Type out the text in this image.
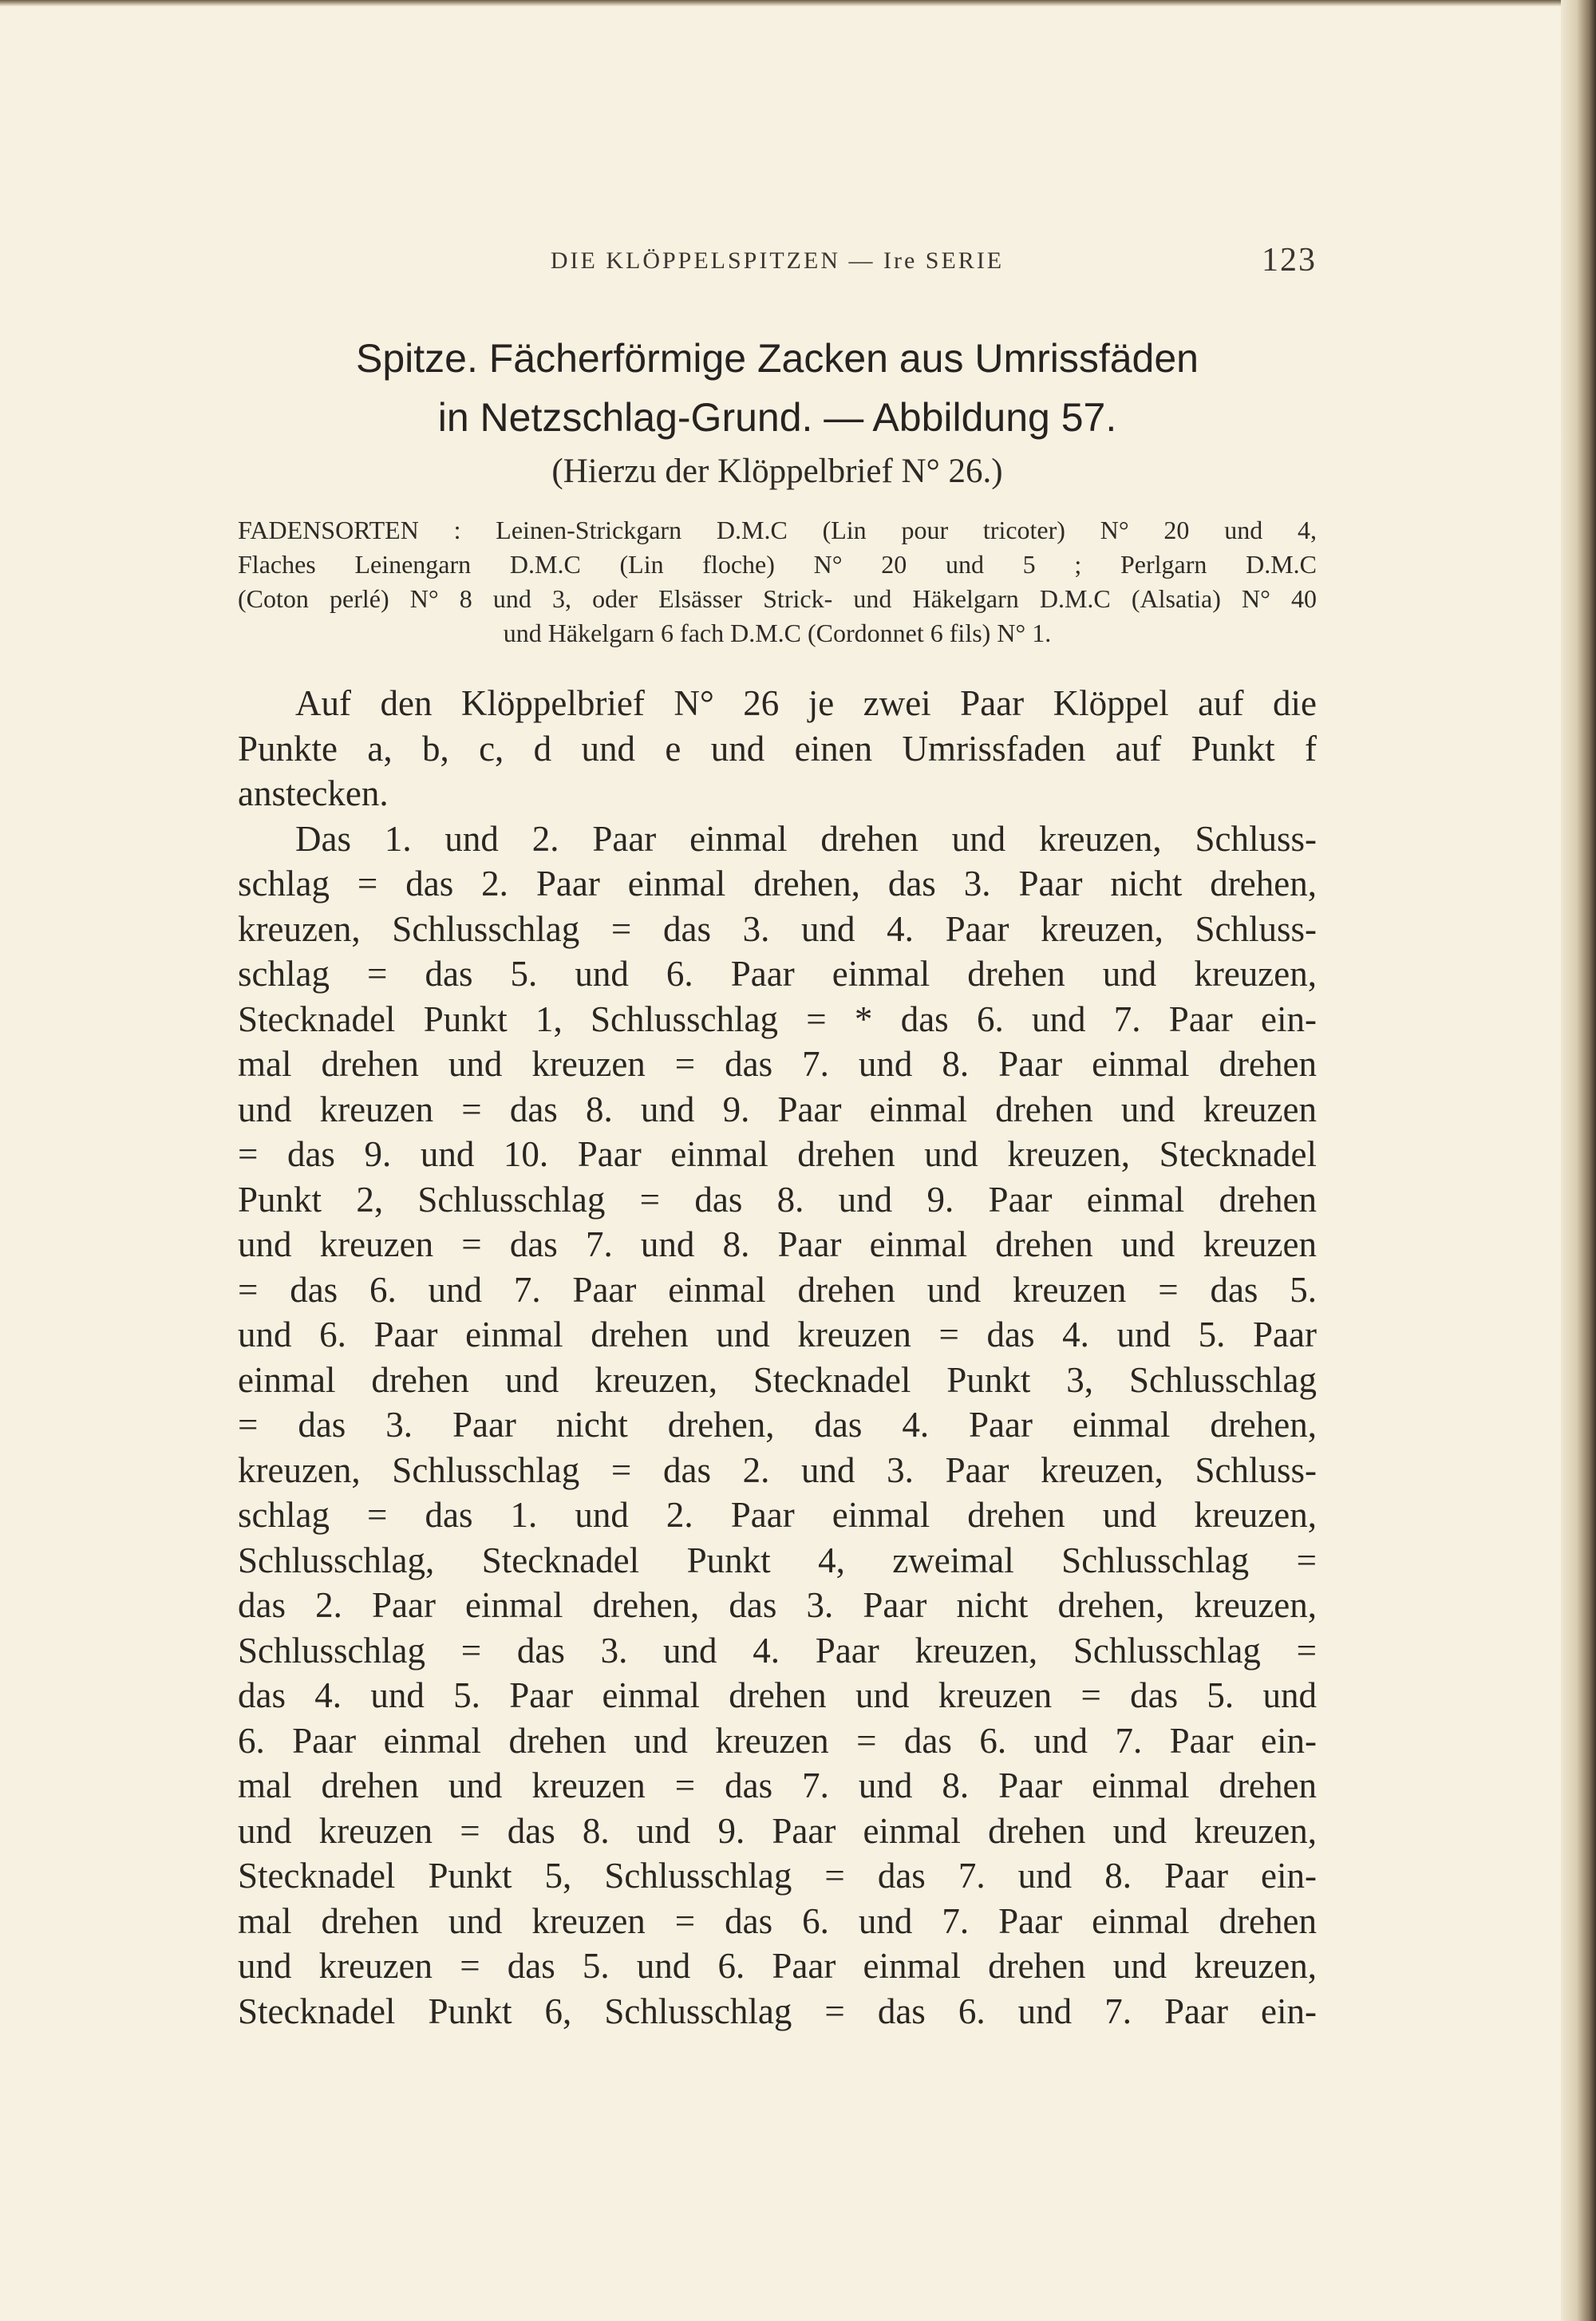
DIE KLÖPPELSPITZEN — Ire SERIE	123
Spitze. Fächerförmige Zacken aus Umrissfäden
in Netzschlag-Grund. — Abbildung 57.
(Hierzu der Klöppelbrief N° 26.)
FADENSORTEN : Leinen-Strickgarn D.M.C (Lin pour tricoter) N° 20 und 4,
Flaches Leinengarn D.M.C (Lin floche) N° 20 und 5 ; Perlgarn D.M.C
(Coton perlé) N° 8 und 3, oder Elsässer Strick- und Häkelgarn D.M.C (Alsatia) N° 40
und Häkelgarn 6 fach D.M.C (Cordonnet 6 fils) N° 1.
Auf den Klöppelbrief N° 26 je zwei Paar Klöppel auf die
Punkte a, b, c, d und e und einen Umrissfaden auf Punkt f
anstecken.
Das 1. und 2. Paar einmal drehen und kreuzen, Schluss-
schlag = das 2. Paar einmal drehen, das 3. Paar nicht drehen,
kreuzen, Schlusschlag = das 3. und 4. Paar kreuzen, Schluss-
schlag = das 5. und 6. Paar einmal drehen und kreuzen,
Stecknadel Punkt 1, Schlusschlag = * das 6. und 7. Paar ein-
mal drehen und kreuzen = das 7. und 8. Paar einmal drehen
und kreuzen = das 8. und 9. Paar einmal drehen und kreuzen
= das 9. und 10. Paar einmal drehen und kreuzen, Stecknadel
Punkt 2, Schlusschlag = das 8. und 9. Paar einmal drehen
und kreuzen = das 7. und 8. Paar einmal drehen und kreuzen
= das 6. und 7. Paar einmal drehen und kreuzen = das 5.
und 6. Paar einmal drehen und kreuzen = das 4. und 5. Paar
einmal drehen und kreuzen, Stecknadel Punkt 3, Schlusschlag
= das 3. Paar nicht drehen, das 4. Paar einmal drehen,
kreuzen, Schlusschlag = das 2. und 3. Paar kreuzen, Schluss-
schlag = das 1. und 2. Paar einmal drehen und kreuzen,
Schlusschlag, Stecknadel Punkt 4, zweimal Schlusschlag =
das 2. Paar einmal drehen, das 3. Paar nicht drehen, kreuzen,
Schlusschlag = das 3. und 4. Paar kreuzen, Schlusschlag =
das 4. und 5. Paar einmal drehen und kreuzen = das 5. und
6. Paar einmal drehen und kreuzen = das 6. und 7. Paar ein-
mal drehen und kreuzen = das 7. und 8. Paar einmal drehen
und kreuzen = das 8. und 9. Paar einmal drehen und kreuzen,
Stecknadel Punkt 5, Schlusschlag = das 7. und 8. Paar ein-
mal drehen und kreuzen = das 6. und 7. Paar einmal drehen
und kreuzen = das 5. und 6. Paar einmal drehen und kreuzen,
Stecknadel Punkt 6, Schlusschlag = das 6. und 7. Paar ein-
